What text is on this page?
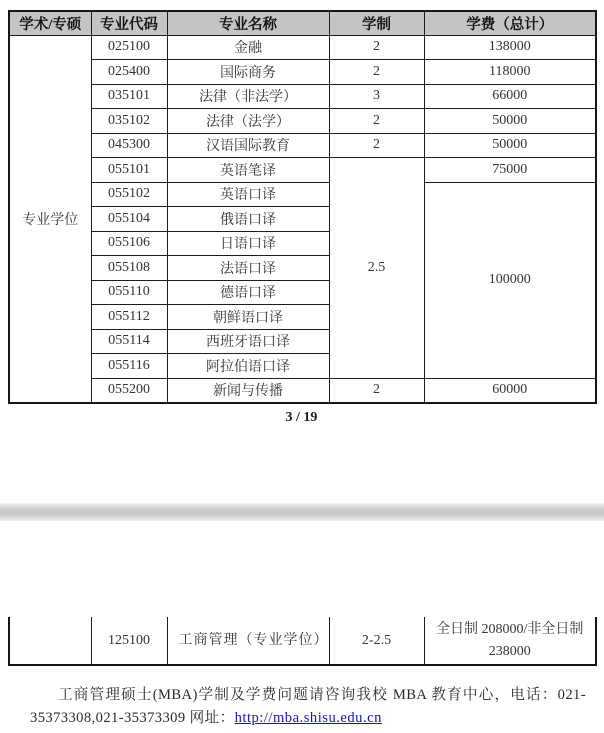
学术/专硕	专业代码	专业名称	学制	学费（总计）
专业学位	025100	金融	2	138000
	025400	国际商务	2	118000
	035101	法律（非法学）	3	66000
	035102	法律（法学）	2	50000
	045300	汉语国际教育	2	50000
	055101	英语笔译	2.5	75000
	055102	英语口译		100000
	055104	俄语口译		
	055106	日语口译		
	055108	法语口译		
	055110	德语口译		
	055112	朝鲜语口译		
	055114	西班牙语口译		
	055116	阿拉伯语口译		
	055200	新闻与传播	2	60000
3 / 19
	125100	工商管理（专业学位）	2-2.5	全日制 208000/非全日制 238000

工商管理硕士(MBA)学制及学费问题请咨询我校 MBA 教育中心，电话：021-35373308,021-35373309 网址：http://mba.shisu.edu.cn
